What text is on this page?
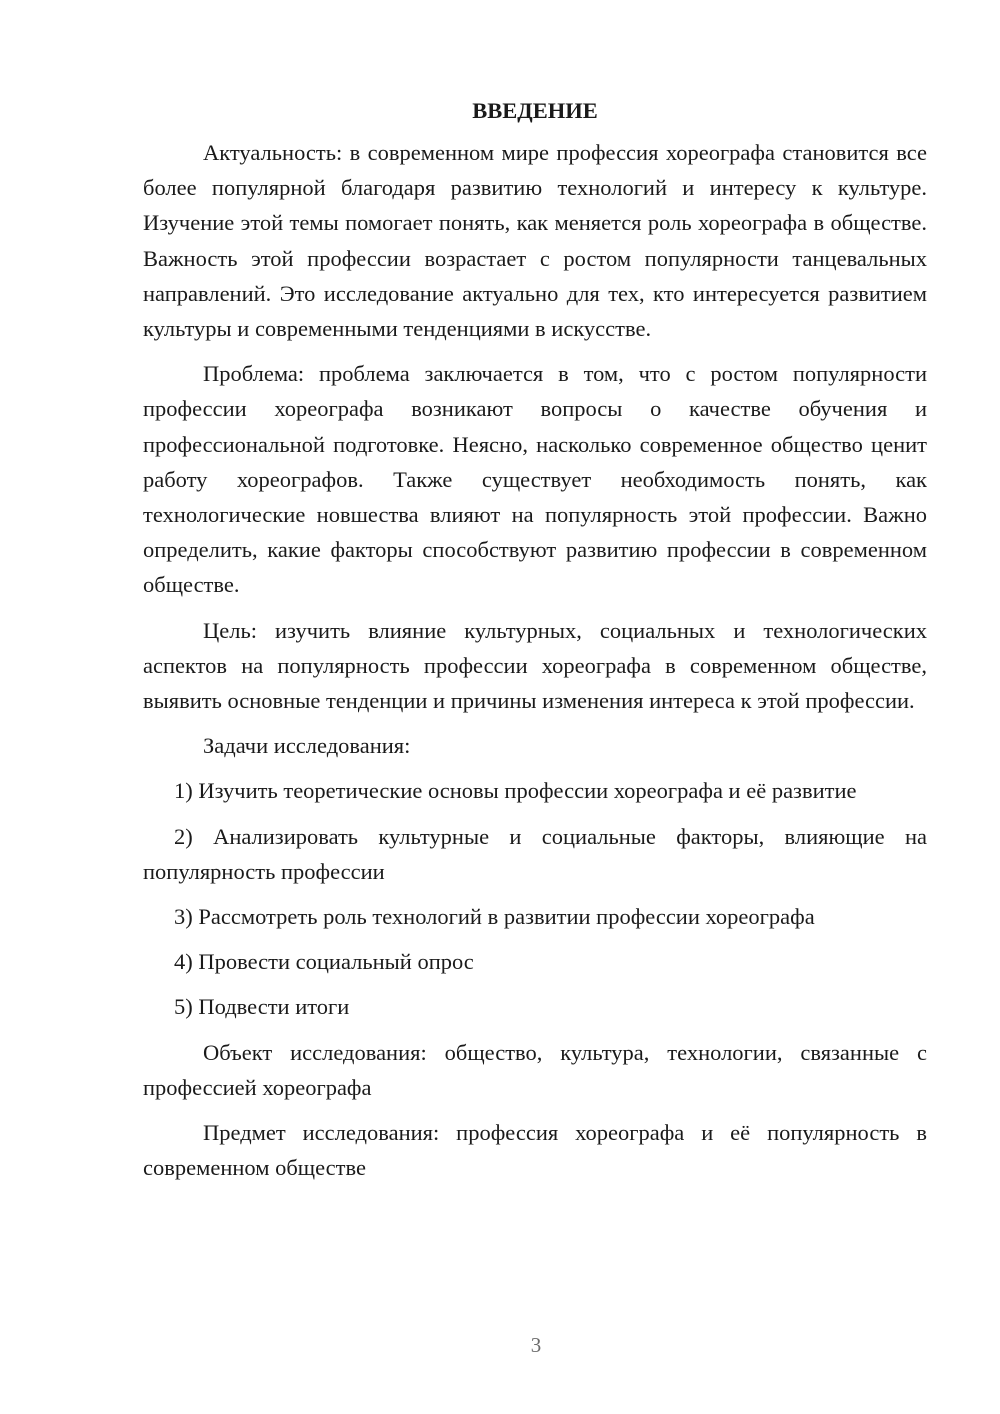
ВВЕДЕНИЕ

Актуальность: в современном мире профессия хореографа становится все более популярной благодаря развитию технологий и интересу к культуре. Изучение этой темы помогает понять, как меняется роль хореографа в обществе. Важность этой профессии возрастает с ростом популярности танцевальных направлений. Это исследование актуально для тех, кто интересуется развитием культуры и современными тенденциями в искусстве.

Проблема: проблема заключается в том, что с ростом популярности профессии хореографа возникают вопросы о качестве обучения и профессиональной подготовке. Неясно, насколько современное общество ценит работу хореографов. Также существует необходимость понять, как технологические новшества влияют на популярность этой профессии. Важно определить, какие факторы способствуют развитию профессии в современном обществе.

Цель: изучить влияние культурных, социальных и технологических аспектов на популярность профессии хореографа в современном обществе, выявить основные тенденции и причины изменения интереса к этой профессии.

Задачи исследования:

1) Изучить теоретические основы профессии хореографа и её развитие

2) Анализировать культурные и социальные факторы, влияющие на популярность профессии

3) Рассмотреть роль технологий в развитии профессии хореографа

4) Провести социальный опрос

5) Подвести итоги

Объект исследования: общество, культура, технологии, связанные с профессией хореографа

Предмет исследования: профессия хореографа и её популярность в современном обществе

3
